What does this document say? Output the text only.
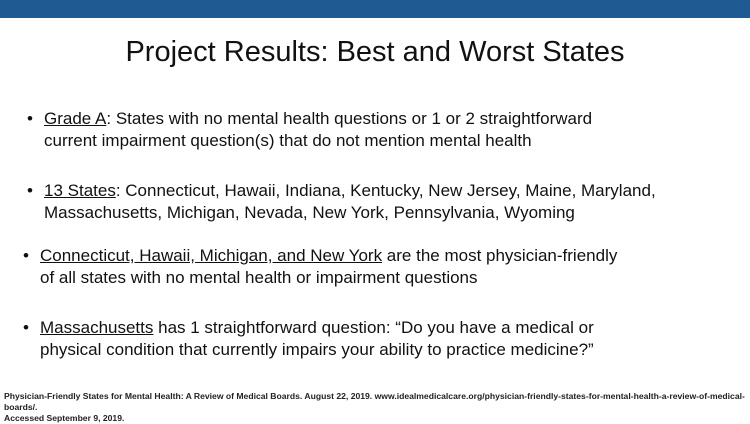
Project Results: Best and Worst States
• Grade A: States with no mental health questions or 1 or 2 straightforward
current impairment question(s) that do not mention mental health
• 13 States: Connecticut, Hawaii, Indiana, Kentucky, New Jersey, Maine, Maryland,
Massachusetts, Michigan, Nevada, New York, Pennsylvania, Wyoming
• Connecticut, Hawaii, Michigan, and New York are the most physician-friendly
of all states with no mental health or impairment questions
• Massachusetts has 1 straightforward question: “Do you have a medical or
physical condition that currently impairs your ability to practice medicine?”
Physician-Friendly States for Mental Health: A Review of Medical Boards. August 22, 2019. www.idealmedicalcare.org/physician-friendly-states-for-mental-health-a-review-of-medical-boards/.
Accessed September 9, 2019.
